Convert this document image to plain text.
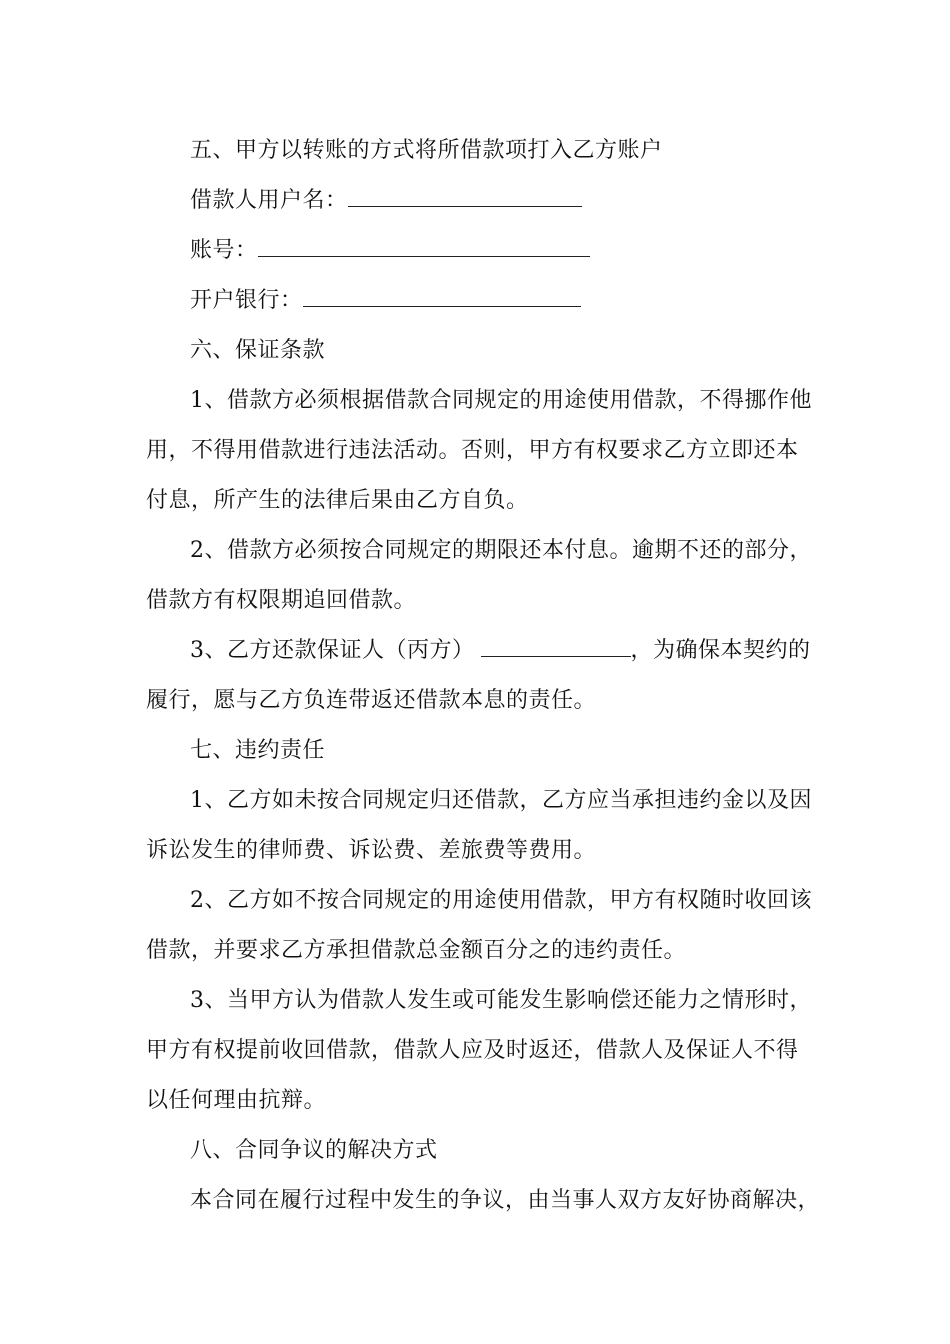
五、甲方以转账的方式将所借款项打入乙方账户
借款人用户名：
账号：
开户银行：
六、保证条款
1、借款方必须根据借款合同规定的用途使用借款，不得挪作他
用，不得用借款进行违法活动。否则，甲方有权要求乙方立即还本
付息，所产生的法律后果由乙方自负。
2、借款方必须按合同规定的期限还本付息。逾期不还的部分，
借款方有权限期追回借款。
3、乙方还款保证人（丙方）	，为确保本契约的
履行，愿与乙方负连带返还借款本息的责任。
七、违约责任
1、乙方如未按合同规定归还借款，乙方应当承担违约金以及因
诉讼发生的律师费、诉讼费、差旅费等费用。
2、乙方如不按合同规定的用途使用借款，甲方有权随时收回该
借款，并要求乙方承担借款总金额百分之的违约责任。
3、当甲方认为借款人发生或可能发生影响偿还能力之情形时，
甲方有权提前收回借款，借款人应及时返还，借款人及保证人不得
以任何理由抗辩。
八、合同争议的解决方式
本合同在履行过程中发生的争议，由当事人双方友好协商解决，
